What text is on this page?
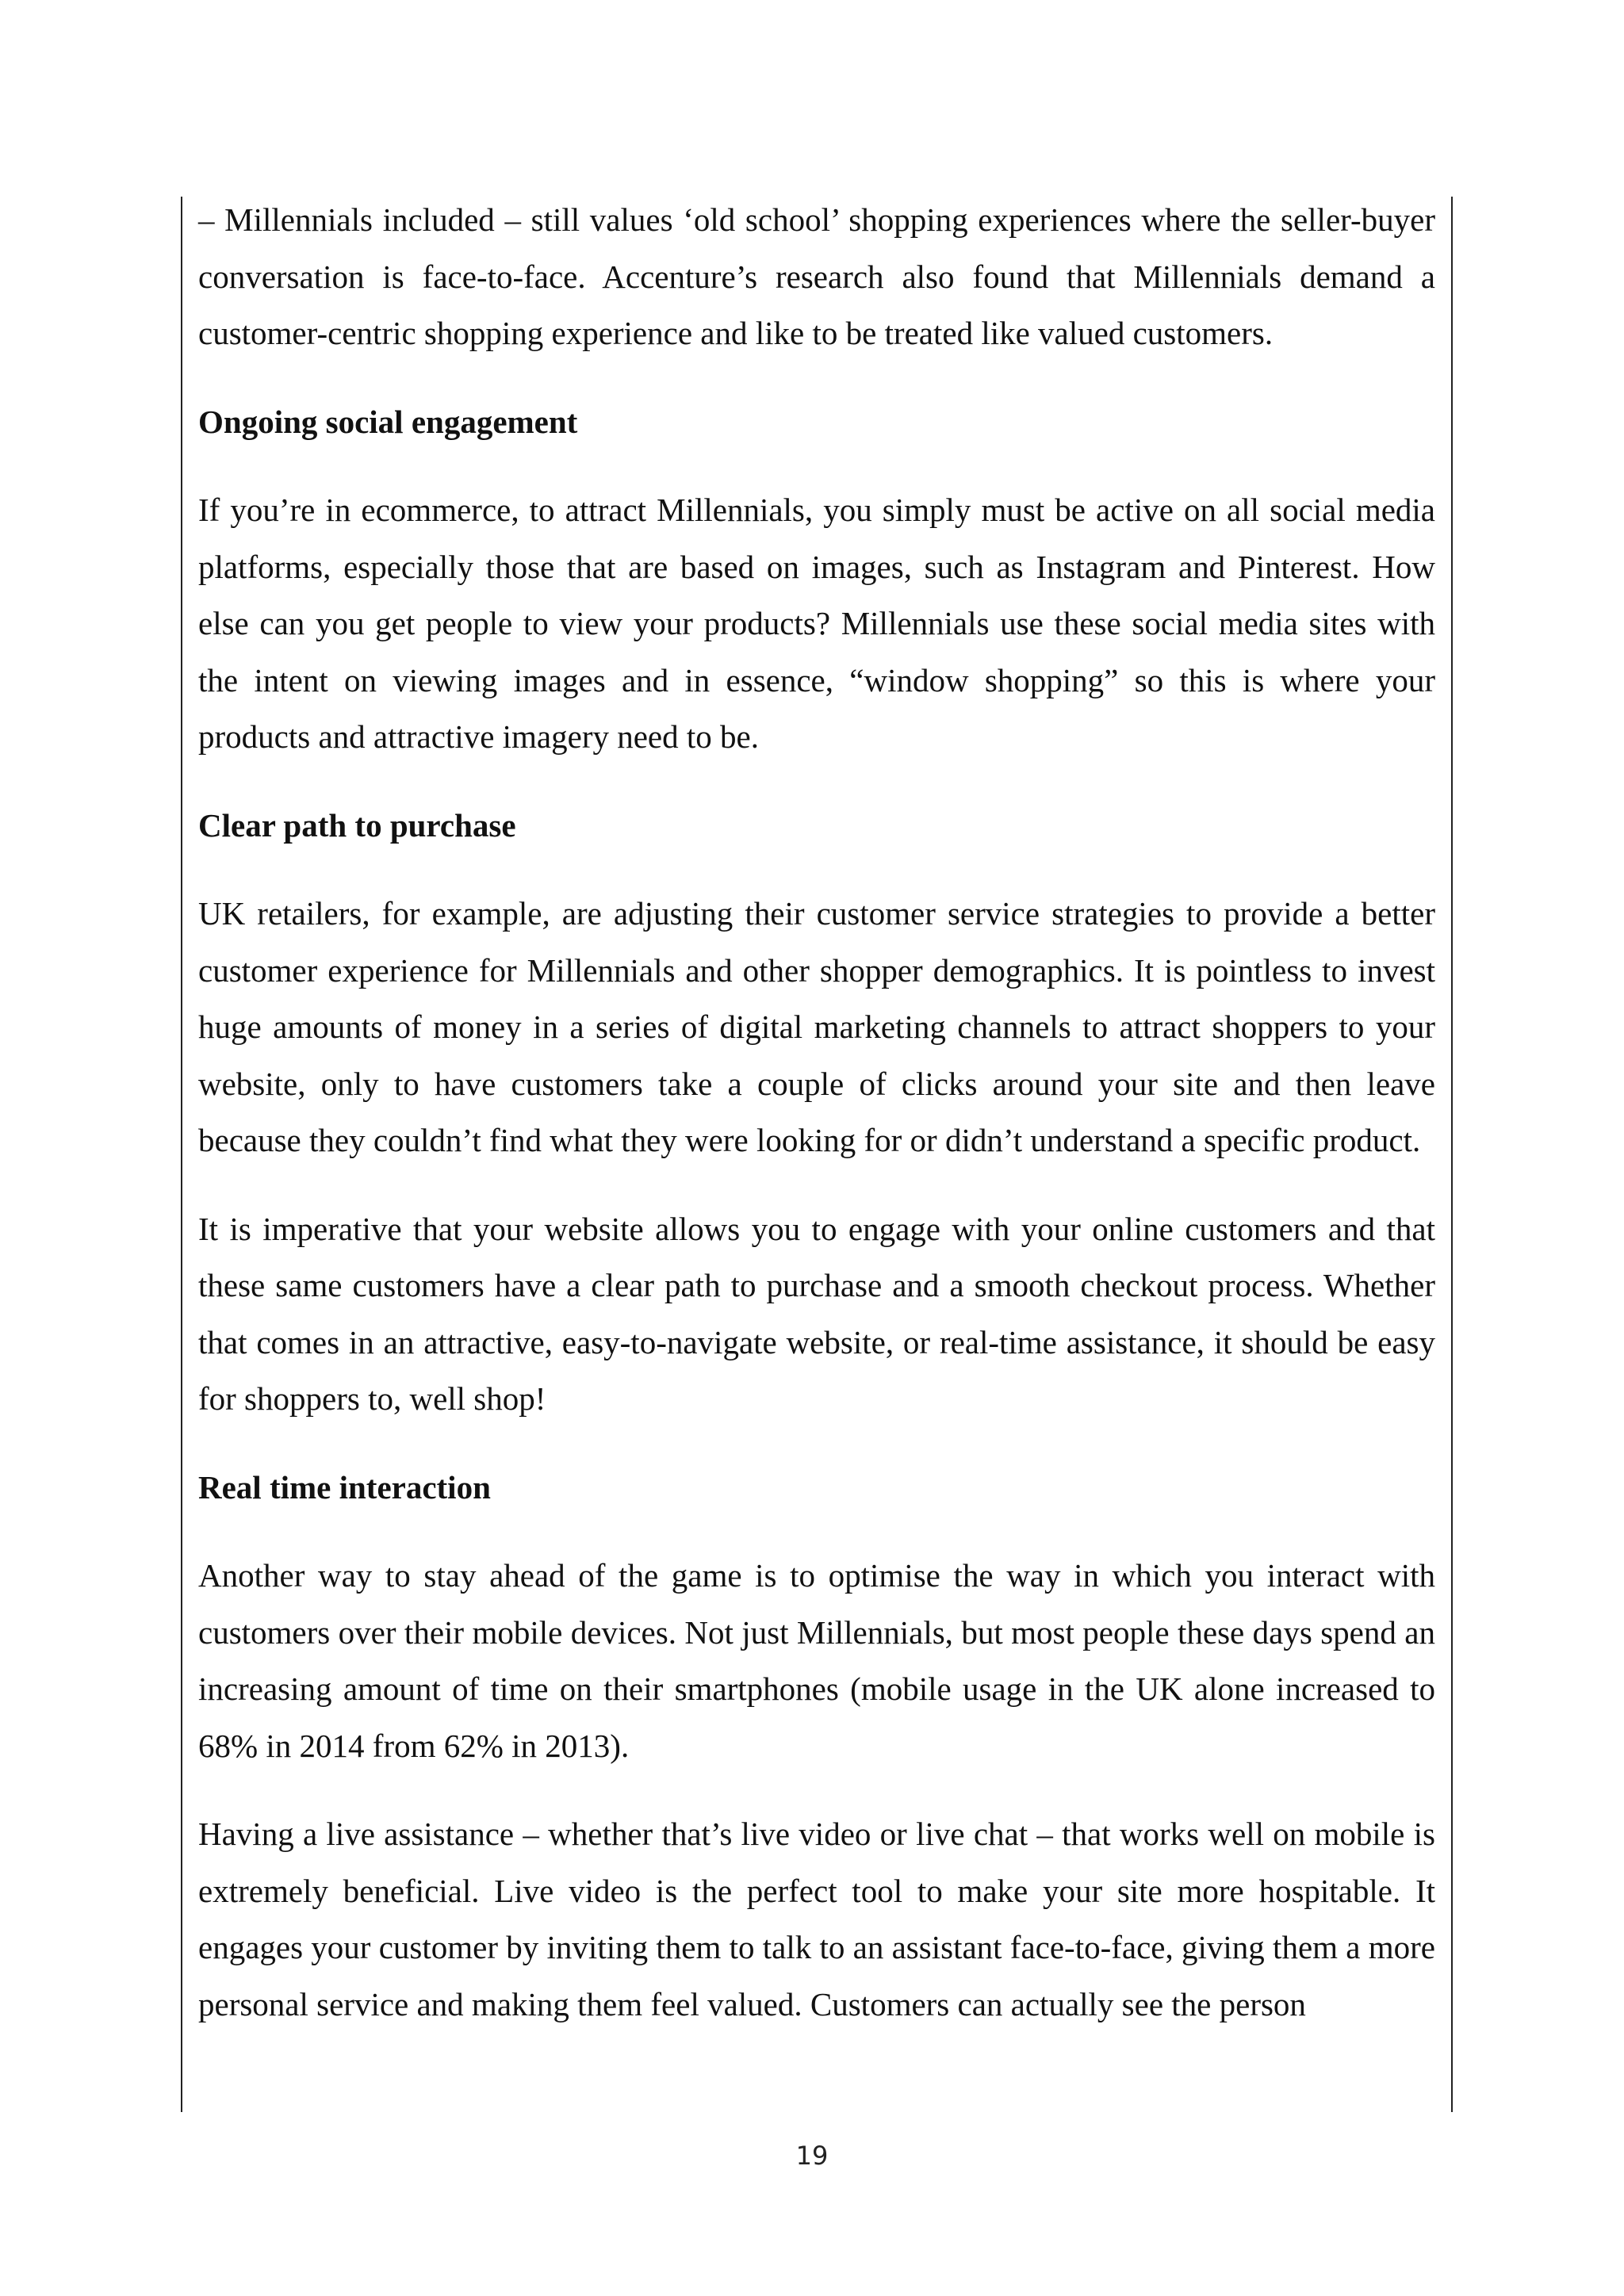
– Millennials included – still values ‘old school’ shopping experiences where the seller-buyer conversation is face-to-face. Accenture’s research also found that Millennials demand a customer-centric shopping experience and like to be treated like valued customers.

Ongoing social engagement

If you’re in ecommerce, to attract Millennials, you simply must be active on all social media platforms, especially those that are based on images, such as Instagram and Pinterest. How else can you get people to view your products? Millennials use these social media sites with the intent on viewing images and in essence, “window shopping” so this is where your products and attractive imagery need to be.

Clear path to purchase

UK retailers, for example, are adjusting their customer service strategies to provide a better customer experience for Millennials and other shopper demographics. It is pointless to invest huge amounts of money in a series of digital marketing channels to attract shoppers to your website, only to have customers take a couple of clicks around your site and then leave because they couldn’t find what they were looking for or didn’t understand a specific product.

It is imperative that your website allows you to engage with your online customers and that these same customers have a clear path to purchase and a smooth checkout process. Whether that comes in an attractive, easy-to-navigate website, or real-time assistance, it should be easy for shoppers to, well shop!

Real time interaction

Another way to stay ahead of the game is to optimise the way in which you interact with customers over their mobile devices. Not just Millennials, but most people these days spend an increasing amount of time on their smartphones (mobile usage in the UK alone increased to 68% in 2014 from 62% in 2013).

Having a live assistance – whether that’s live video or live chat – that works well on mobile is extremely beneficial. Live video is the perfect tool to make your site more hospitable. It engages your customer by inviting them to talk to an assistant face-to-face, giving them a more personal service and making them feel valued. Customers can actually see the person

19
